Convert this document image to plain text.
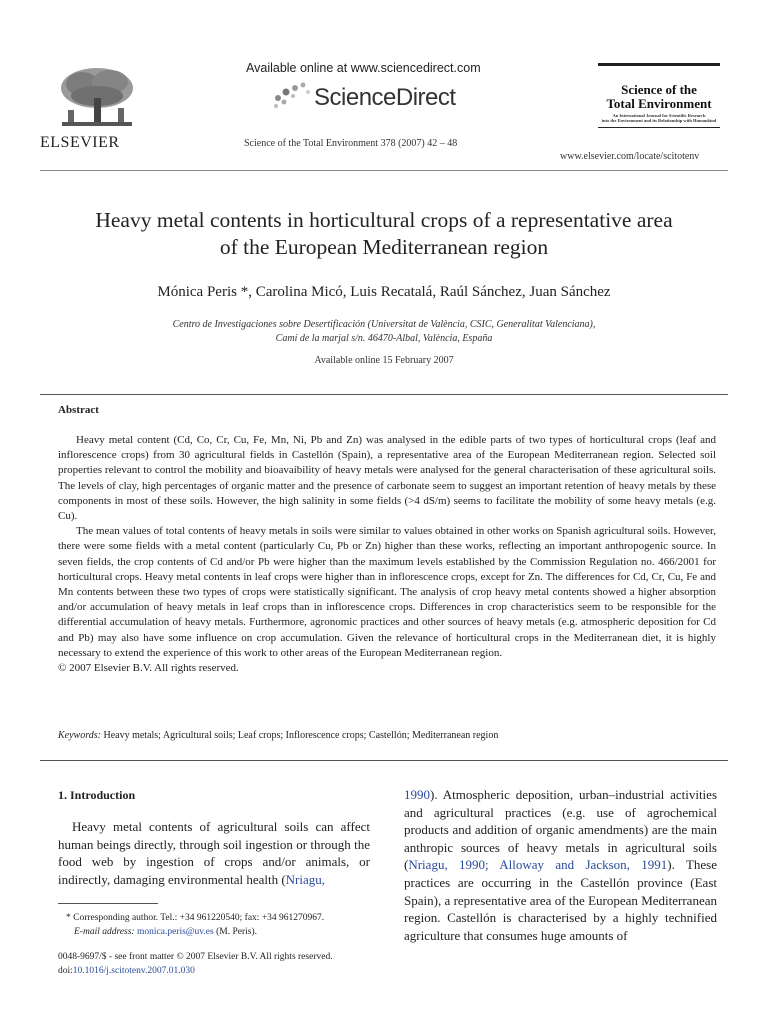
ELSEVIER
Available online at www.sciencedirect.com
ScienceDirect
Science of the Total Environment 378 (2007) 42 – 48
Science of the
Total Environment
An International Journal for Scientific Research
into the Environment and its Relationship with Humankind
www.elsevier.com/locate/scitotenv
Heavy metal contents in horticultural crops of a representative area
of the European Mediterranean region
Mónica Peris *, Carolina Micó, Luis Recatalá, Raúl Sánchez, Juan Sánchez
Centro de Investigaciones sobre Desertificación (Universitat de València, CSIC, Generalitat Valenciana),
Camí de la marjal s/n. 46470-Albal, València, España
Available online 15 February 2007
Abstract

Heavy metal content (Cd, Co, Cr, Cu, Fe, Mn, Ni, Pb and Zn) was analysed in the edible parts of two types of horticultural crops (leaf and inflorescence crops) from 30 agricultural fields in Castellón (Spain), a representative area of the European Mediterranean region. Selected soil properties relevant to control the mobility and bioavaibility of heavy metals were analysed for the general characterisation of these agricultural soils. The levels of clay, high percentages of organic matter and the presence of carbonate seem to suggest an important retention of heavy metals by these components in most of these soils. However, the high salinity in some fields (>4 dS/m) seems to facilitate the mobility of some heavy metals (e.g. Cu).

The mean values of total contents of heavy metals in soils were similar to values obtained in other works on Spanish agricultural soils. However, there were some fields with a metal content (particularly Cu, Pb or Zn) higher than these works, reflecting an important anthropogenic source. In seven fields, the crop contents of Cd and/or Pb were higher than the maximum levels established by the Commission Regulation no. 466/2001 for horticultural crops. Heavy metal contents in leaf crops were higher than in inflorescence crops, except for Zn. The differences for Cd, Cr, Cu, Fe and Mn contents between these two types of crops were statistically significant. The analysis of crop heavy metal contents showed a higher absorption and/or accumulation of heavy metals in leaf crops than in inflorescence crops. Differences in crop characteristics seem to be responsible for the differential accumulation of heavy metals. Furthermore, agronomic practices and other sources of heavy metals (e.g. atmospheric deposition for Cd and Pb) may also have some influence on crop accumulation. Given the relevance of horticultural crops in the Mediterranean diet, it is highly necessary to extend the experience of this work to other areas of the European Mediterranean region.

© 2007 Elsevier B.V. All rights reserved.

Keywords: Heavy metals; Agricultural soils; Leaf crops; Inflorescence crops; Castellón; Mediterranean region
1. Introduction

Heavy metal contents of agricultural soils can affect human beings directly, through soil ingestion or through the food web by ingestion of crops and/or animals, or indirectly, damaging environmental health (Nriagu,

* Corresponding author. Tel.: +34 961220540; fax: +34 961270967.
E-mail address: monica.peris@uv.es (M. Peris).
0048-9697/$ - see front matter © 2007 Elsevier B.V. All rights reserved.
doi:10.1016/j.scitotenv.2007.01.030

1990). Atmospheric deposition, urban–industrial activities and agricultural practices (e.g. use of agrochemical products and addition of organic amendments) are the main anthropic sources of heavy metals in agricultural soils (Nriagu, 1990; Alloway and Jackson, 1991). These practices are occurring in the Castellón province (East Spain), a representative area of the European Mediterranean region. Castellón is characterised by a highly technified agriculture that consumes huge amounts of
